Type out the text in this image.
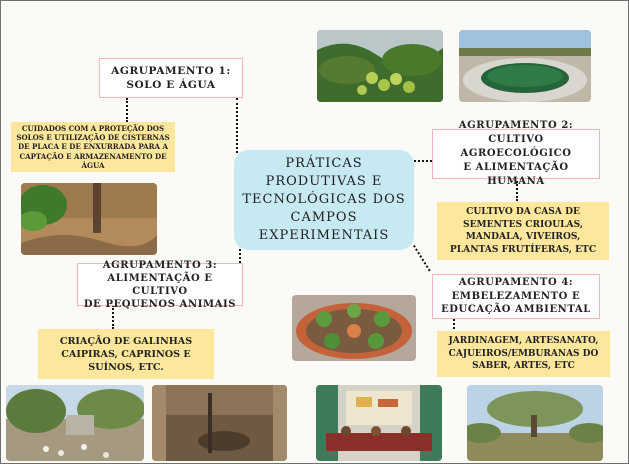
PRÁTICAS
PRODUTIVAS E
TECNOLÓGICAS DOS
CAMPOS
EXPERIMENTAIS
AGRUPAMENTO 1:
SOLO E ÁGUA
CUIDADOS COM A PROTEÇÃO DOS
SOLOS E UTILIZAÇÃO DE CISTERNAS
DE PLACA E DE ENXURRADA PARA A
CAPTAÇÃO E ARMAZENAMENTO DE
ÁGUA
AGRUPAMENTO 2:
CULTIVO AGROECOLÓGICO
E ALIMENTAÇÃO HUMANA
CULTIVO DA CASA DE
SEMENTES CRIOULAS,
MANDALA, VIVEIROS,
PLANTAS FRUTÍFERAS, ETC
AGRUPAMENTO 3:
ALIMENTAÇÃO E CULTIVO
DE PEQUENOS ANIMAIS
CRIAÇÃO DE GALINHAS
CAIPIRAS, CAPRINOS E
SUÍNOS, ETC.
AGRUPAMENTO 4:
EMBELEZAMENTO E
EDUCAÇÃO AMBIENTAL
JARDINAGEM, ARTESANATO,
CAJUEIROS/EMBURANAS DO
SABER, ARTES, ETC
